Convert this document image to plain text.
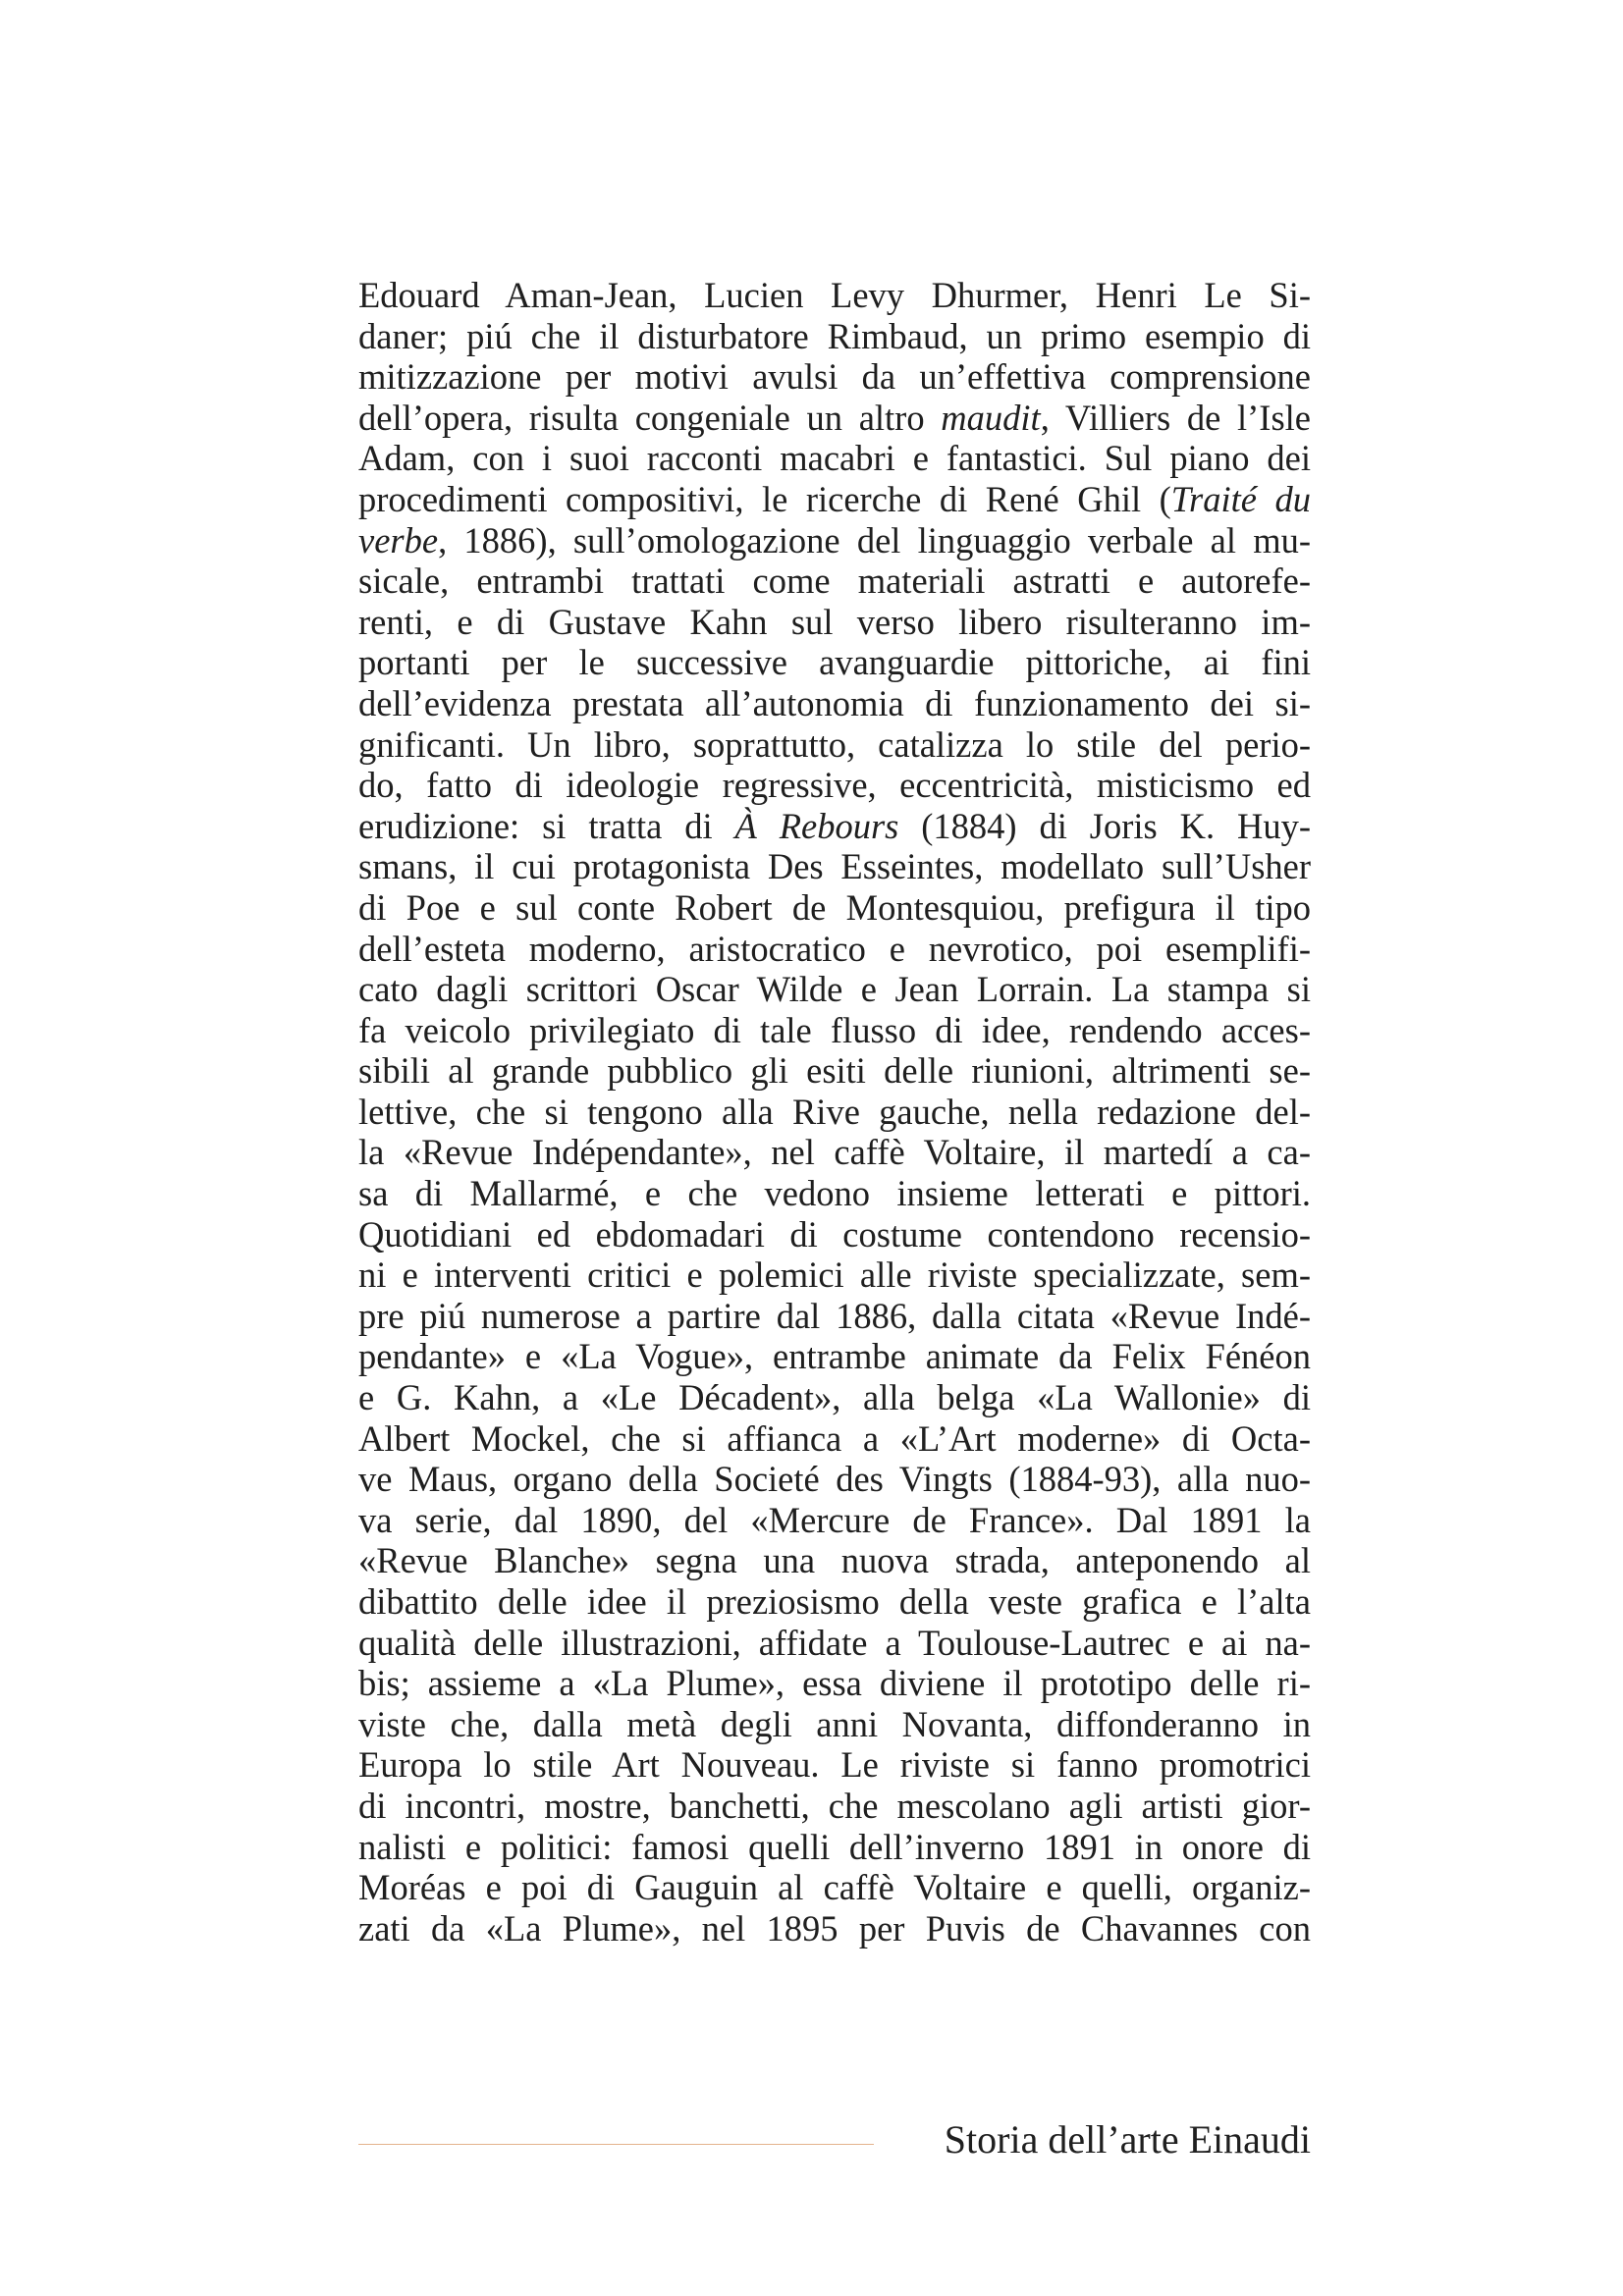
Edouard Aman-Jean, Lucien Levy Dhurmer, Henri Le Si-
daner; piú che il disturbatore Rimbaud, un primo esempio di
mitizzazione per motivi avulsi da un’effettiva comprensione
dell’opera, risulta congeniale un altro maudit, Villiers de l’Isle
Adam, con i suoi racconti macabri e fantastici. Sul piano dei
procedimenti compositivi, le ricerche di René Ghil (Traité du
verbe, 1886), sull’omologazione del linguaggio verbale al mu-
sicale, entrambi trattati come materiali astratti e autorefe-
renti, e di Gustave Kahn sul verso libero risulteranno im-
portanti per le successive avanguardie pittoriche, ai fini
dell’evidenza prestata all’autonomia di funzionamento dei si-
gnificanti. Un libro, soprattutto, catalizza lo stile del perio-
do, fatto di ideologie regressive, eccentricità, misticismo ed
erudizione: si tratta di À Rebours (1884) di Joris K. Huy-
smans, il cui protagonista Des Esseintes, modellato sull’Usher
di Poe e sul conte Robert de Montesquiou, prefigura il tipo
dell’esteta moderno, aristocratico e nevrotico, poi esemplifi-
cato dagli scrittori Oscar Wilde e Jean Lorrain. La stampa si
fa veicolo privilegiato di tale flusso di idee, rendendo acces-
sibili al grande pubblico gli esiti delle riunioni, altrimenti se-
lettive, che si tengono alla Rive gauche, nella redazione del-
la «Revue Indépendante», nel caffè Voltaire, il martedí a ca-
sa di Mallarmé, e che vedono insieme letterati e pittori.
Quotidiani ed ebdomadari di costume contendono recensio-
ni e interventi critici e polemici alle riviste specializzate, sem-
pre piú numerose a partire dal 1886, dalla citata «Revue Indé-
pendante» e «La Vogue», entrambe animate da Felix Fénéon
e G. Kahn, a «Le Décadent», alla belga «La Wallonie» di
Albert Mockel, che si affianca a «L’Art moderne» di Octa-
ve Maus, organo della Societé des Vingts (1884-93), alla nuo-
va serie, dal 1890, del «Mercure de France». Dal 1891 la
«Revue Blanche» segna una nuova strada, anteponendo al
dibattito delle idee il preziosismo della veste grafica e l’alta
qualità delle illustrazioni, affidate a Toulouse-Lautrec e ai na-
bis; assieme a «La Plume», essa diviene il prototipo delle ri-
viste che, dalla metà degli anni Novanta, diffonderanno in
Europa lo stile Art Nouveau. Le riviste si fanno promotrici
di incontri, mostre, banchetti, che mescolano agli artisti gior-
nalisti e politici: famosi quelli dell’inverno 1891 in onore di
Moréas e poi di Gauguin al caffè Voltaire e quelli, organiz-
zati da «La Plume», nel 1895 per Puvis de Chavannes con
Storia dell’arte Einaudi
